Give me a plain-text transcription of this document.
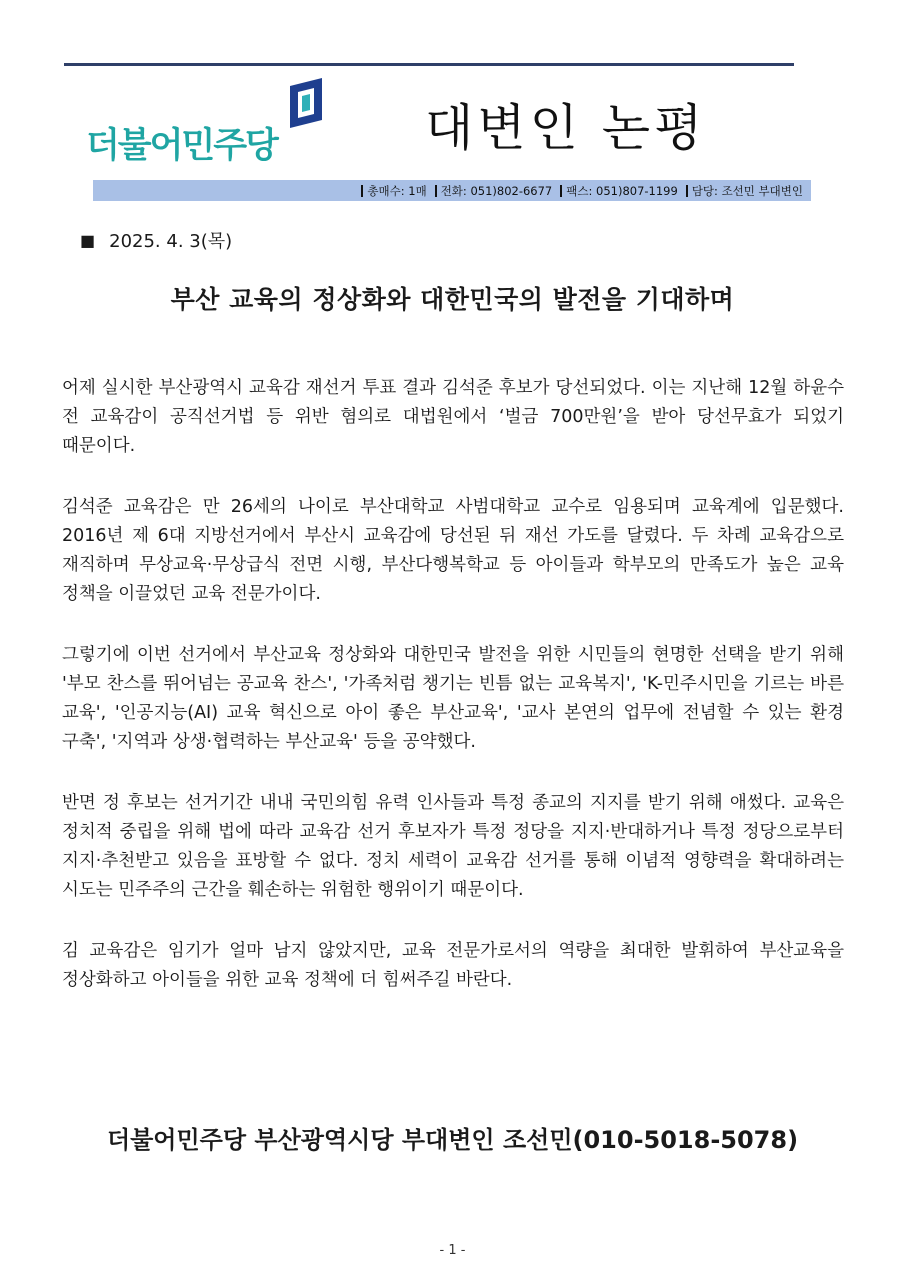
더불어민주당	대변인 논평
총매수: 1매 전화: 051)802-6677 팩스: 051)807-1199 담당: 조선민 부대변인
■ 2025. 4. 3(목)
부산 교육의 정상화와 대한민국의 발전을 기대하며

어제 실시한 부산광역시 교육감 재선거 투표 결과 김석준 후보가 당선되었다. 이는 지난해 12월 하윤수 전 교육감이 공직선거법 등 위반 혐의로 대법원에서 ‘벌금 700만원’을 받아 당선무효가 되었기 때문이다.

김석준 교육감은 만 26세의 나이로 부산대학교 사범대학교 교수로 임용되며 교육계에 입문했다. 2016년 제 6대 지방선거에서 부산시 교육감에 당선된 뒤 재선 가도를 달렸다. 두 차례 교육감으로 재직하며 무상교육·무상급식 전면 시행, 부산다행복학교 등 아이들과 학부모의 만족도가 높은 교육 정책을 이끌었던 교육 전문가이다.

그렇기에 이번 선거에서 부산교육 정상화와 대한민국 발전을 위한 시민들의 현명한 선택을 받기 위해 '부모 찬스를 뛰어넘는 공교육 찬스', '가족처럼 챙기는 빈틈 없는 교육복지', 'K-민주시민을 기르는 바른 교육', '인공지능(AI) 교육 혁신으로 아이 좋은 부산교육', '교사 본연의 업무에 전념할 수 있는 환경 구축', '지역과 상생·협력하는 부산교육' 등을 공약했다.

반면 정 후보는 선거기간 내내 국민의힘 유력 인사들과 특정 종교의 지지를 받기 위해 애썼다. 교육은 정치적 중립을 위해 법에 따라 교육감 선거 후보자가 특정 정당을 지지·반대하거나 특정 정당으로부터 지지·추천받고 있음을 표방할 수 없다. 정치 세력이 교육감 선거를 통해 이념적 영향력을 확대하려는 시도는 민주주의 근간을 훼손하는 위험한 행위이기 때문이다.

김 교육감은 임기가 얼마 남지 않았지만, 교육 전문가로서의 역량을 최대한 발휘하여 부산교육을 정상화하고 아이들을 위한 교육 정책에 더 힘써주길 바란다.

더불어민주당 부산광역시당 부대변인 조선민(010-5018-5078)
- 1 -
